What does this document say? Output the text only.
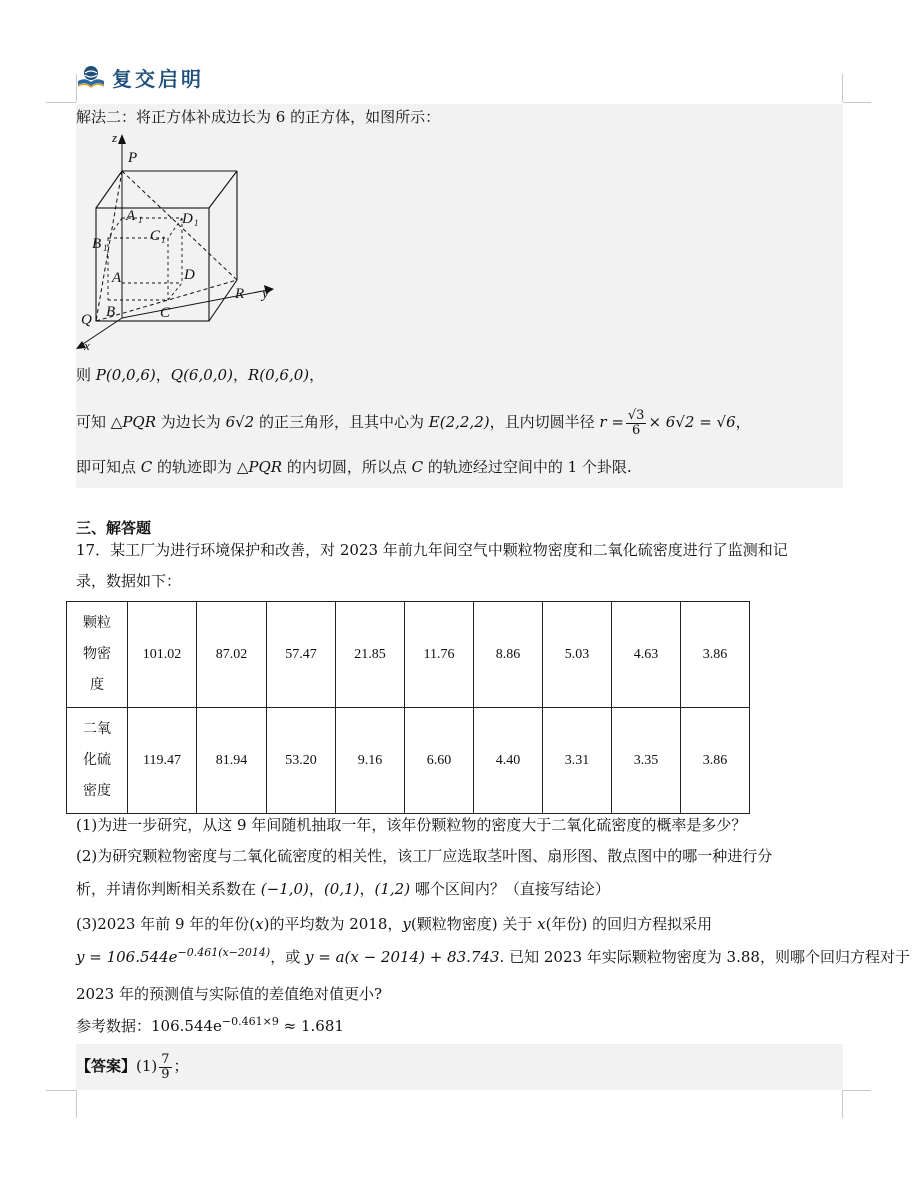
复交启明
解法二：将正方体补成边长为 6 的正方体，如图所示：
z
P
A 1	D 1
B 1
C 1
A	D
R y
Q B	C
x
则 P(0,0,6)，Q(6,0,0)，R(0,6,0)，
可知 △PQR 为边长为 6√2 的正三角形，且其中心为 E(2,2,2)，且内切圆半径 $r = \frac{√3}{6} \times 6√2 = √6$，
即可知点 C 的轨迹即为 △PQR 的内切圆，所以点 C 的轨迹经过空间中的 1 个卦限.
三、解答题
17．某工厂为进行环境保护和改善，对 2023 年前九年间空气中颗粒物密度和二氧化硫密度进行了监测和记
录，数据如下：
颗粒
物密
度	101.02	87.02	57.47	21.85	11.76	8.86	5.03	4.63	3.86
二氧
化硫
密度	119.47	81.94	53.20	9.16	6.60	4.40	3.31	3.35	3.86
(1)为进一步研究，从这 9 年间随机抽取一年，该年份颗粒物的密度大于二氧化硫密度的概率是多少？
(2)为研究颗粒物密度与二氧化硫密度的相关性，该工厂应选取茎叶图、扇形图、散点图中的哪一种进行分
析，并请你判断相关系数在 (−1,0)，(0,1)，(1,2) 哪个区间内？（直接写结论）
(3)2023 年前 9 年的年份(x)的平均数为 2018，y(颗粒物密度) 关于 x(年份) 的回归方程拟采用
$y = 106.544e^{-0.461(x-2014)}$，或 y = a(x − 2014) + 83.743. 已知 2023 年实际颗粒物密度为 3.88，则哪个回归方程对于
2023 年的预测值与实际值的差值绝对值更小?
参考数据：$106.544e^{-0.461\times 9} \approx 1.681$
【答案】$(1) \frac{7}{9}$ ；
